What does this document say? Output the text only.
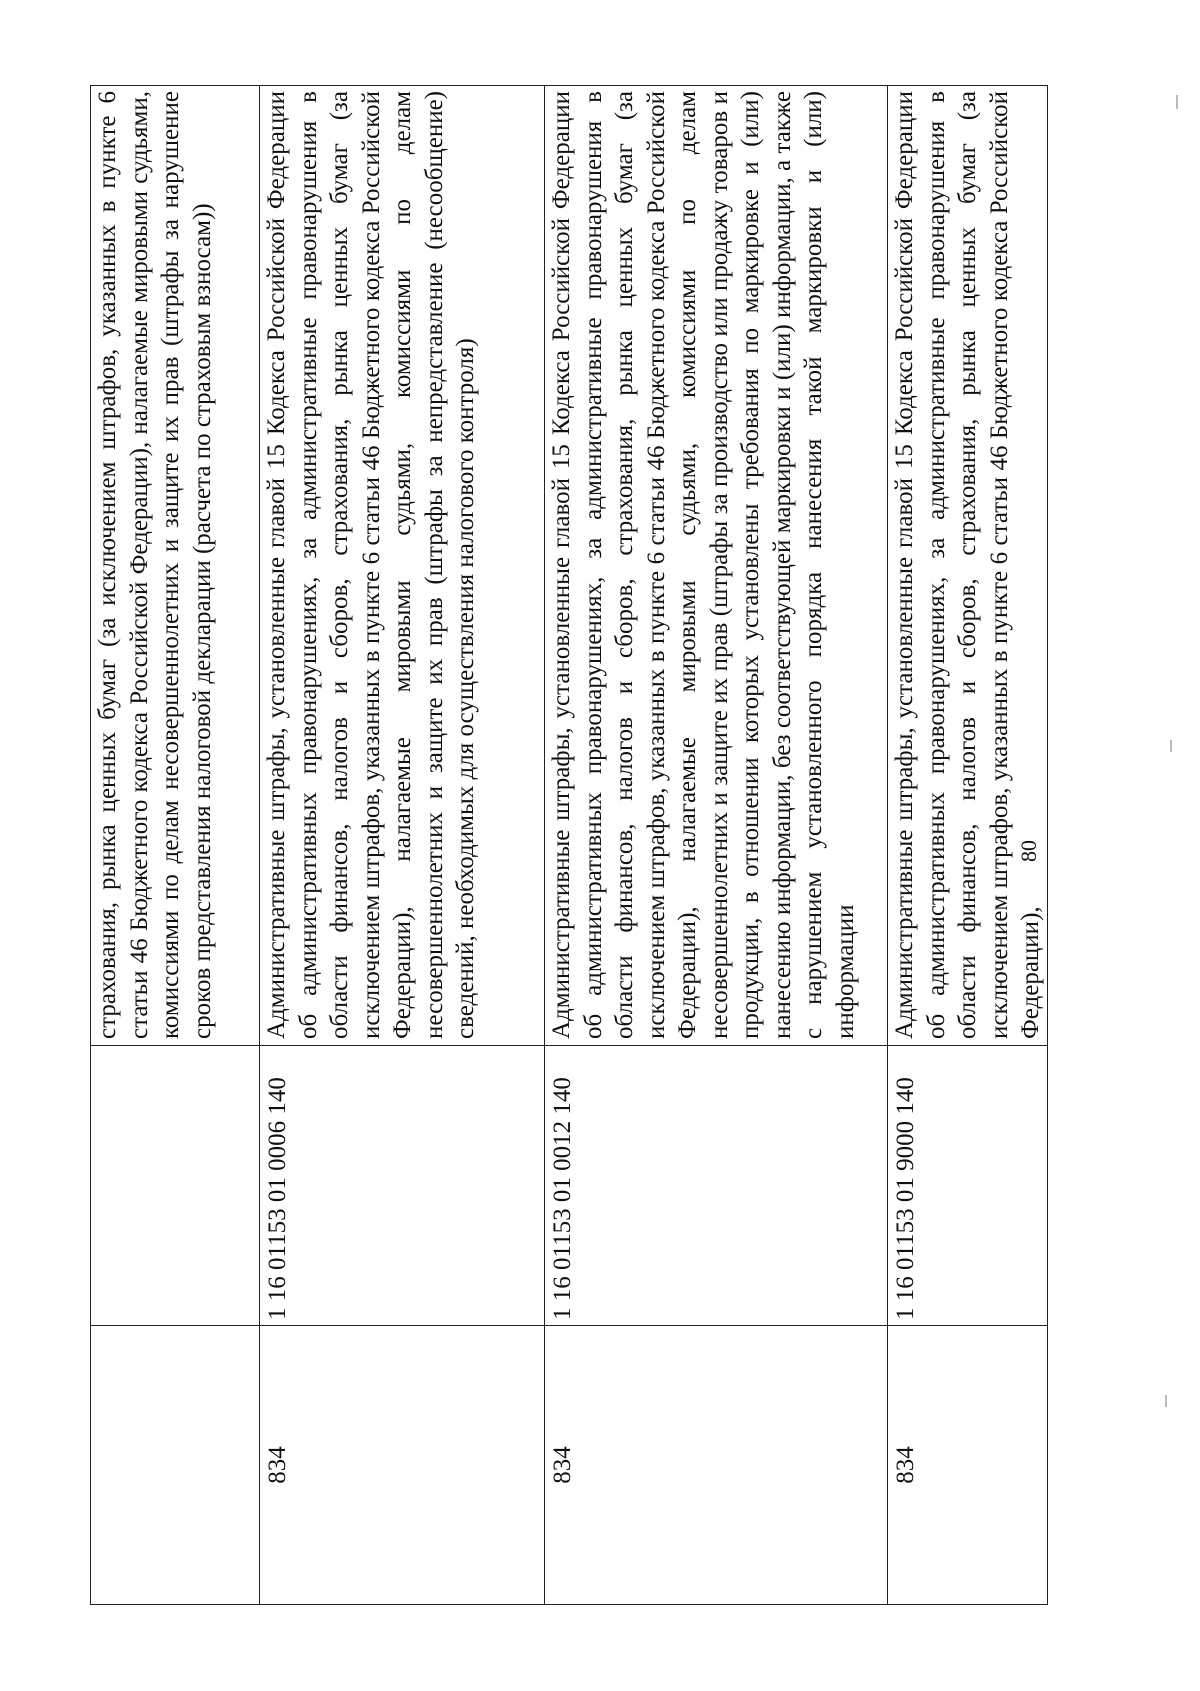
		страхования, рынка ценных бумаг (за исключением штрафов, указанных в пункте 6 статьи 46 Бюджетного кодекса Российской Федерации), налагаемые мировыми судьями, комиссиями по делам несовершеннолетних и защите их прав (штрафы за нарушение сроков представления налоговой декларации (расчета по страховым взносам))
834	1 16 01153 01 0006 140	Административные штрафы, установленные главой 15 Кодекса Российской Федерации об административных правонарушениях, за административные правонарушения в области финансов, налогов и сборов, страхования, рынка ценных бумаг (за исключением штрафов, указанных в пункте 6 статьи 46 Бюджетного кодекса Российской Федерации), налагаемые мировыми судьями, комиссиями по делам несовершеннолетних и защите их прав (штрафы за непредставление (несообщение) сведений, необходимых для осуществления налогового контроля)
834	1 16 01153 01 0012 140	Административные штрафы, установленные главой 15 Кодекса Российской Федерации об административных правонарушениях, за административные правонарушения в области финансов, налогов и сборов, страхования, рынка ценных бумаг (за исключением штрафов, указанных в пункте 6 статьи 46 Бюджетного кодекса Российской Федерации), налагаемые мировыми судьями, комиссиями по делам несовершеннолетних и защите их прав (штрафы за производство или продажу товаров и продукции, в отношении которых установлены требования по маркировке и (или) нанесению информации, без соответствующей маркировки и (или) информации, а также с нарушением установленного порядка нанесения такой маркировки и (или) информации
834	1 16 01153 01 9000 140	Административные штрафы, установленные главой 15 Кодекса Российской Федерации об административных правонарушениях, за административные правонарушения в области финансов, налогов и сборов, страхования, рынка ценных бумаг (за исключением штрафов, указанных в пункте 6 статьи 46 Бюджетного кодекса Российской Федерации),
80
